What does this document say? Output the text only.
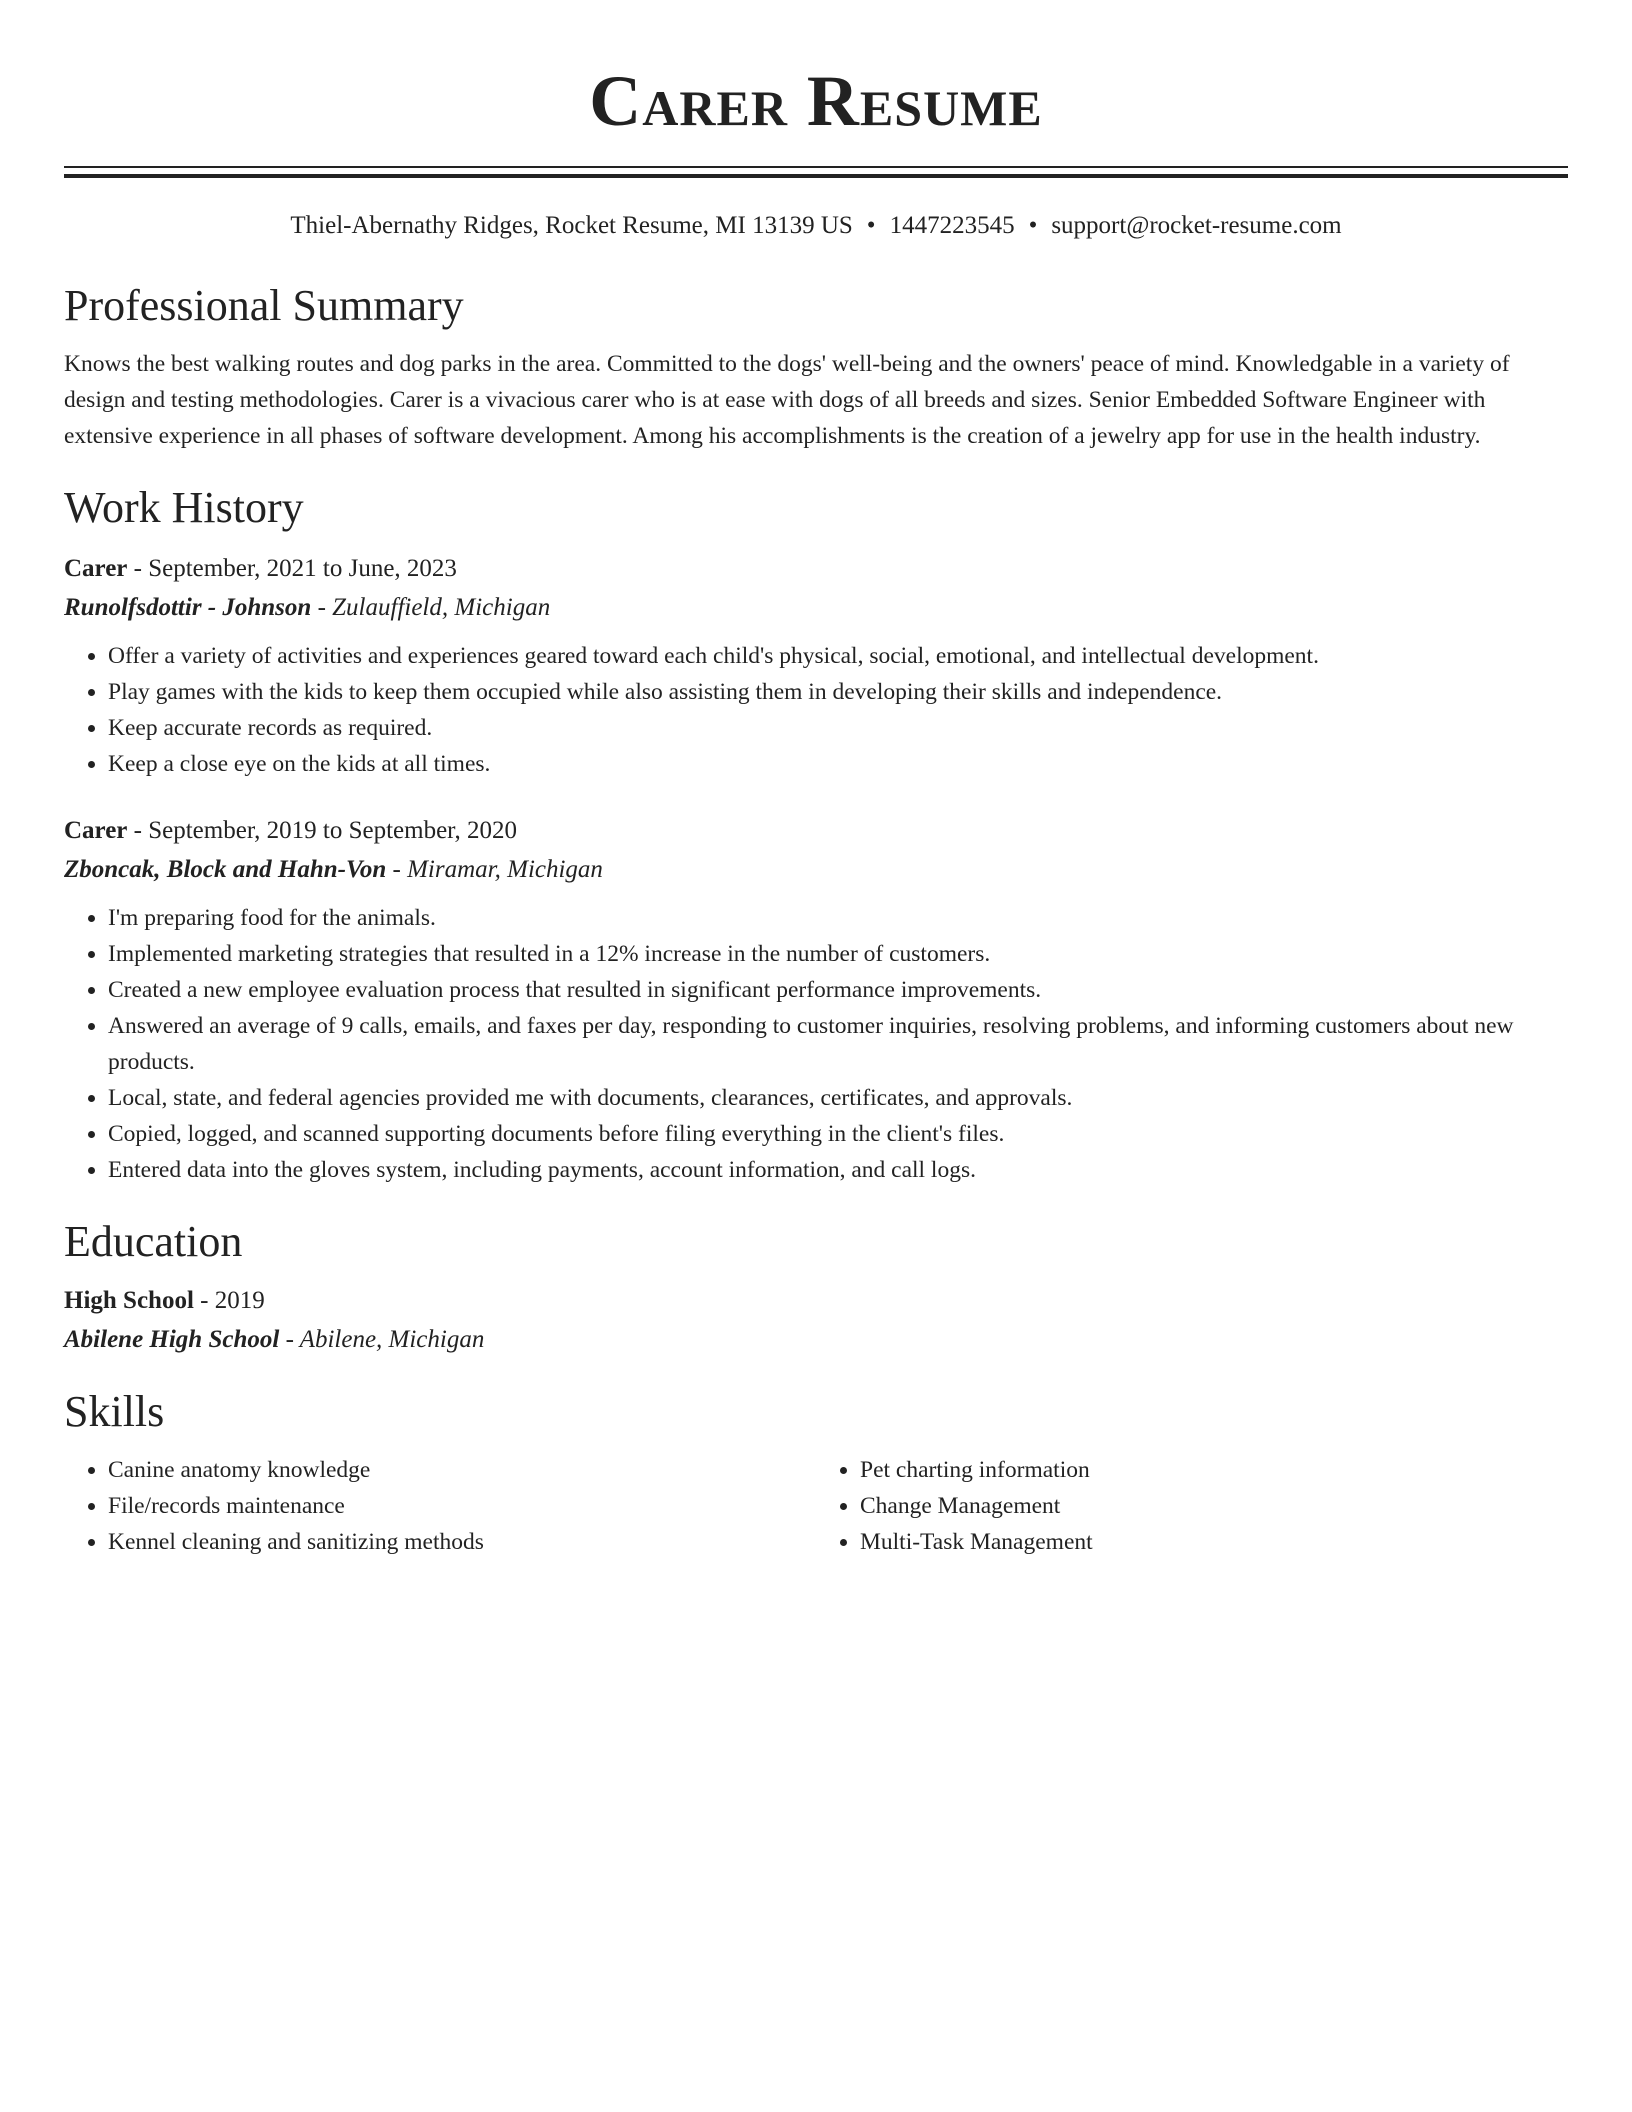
Carer Resume
Thiel-Abernathy Ridges, Rocket Resume, MI 13139 US • 1447223545 • support@rocket-resume.com
Professional Summary

Knows the best walking routes and dog parks in the area. Committed to the dogs' well-being and the owners' peace of mind. Knowledgable in a variety of design and testing methodologies. Carer is a vivacious carer who is at ease with dogs of all breeds and sizes. Senior Embedded Software Engineer with extensive experience in all phases of software development. Among his accomplishments is the creation of a jewelry app for use in the health industry.

Work History
Carer - September, 2021 to June, 2023
Runolfsdottir - Johnson - Zulauffield, Michigan
• Offer a variety of activities and experiences geared toward each child's physical, social, emotional, and intellectual development.
• Play games with the kids to keep them occupied while also assisting them in developing their skills and independence.
• Keep accurate records as required.
• Keep a close eye on the kids at all times.
Carer - September, 2019 to September, 2020
Zboncak, Block and Hahn-Von - Miramar, Michigan
• I'm preparing food for the animals.
• Implemented marketing strategies that resulted in a 12% increase in the number of customers.
• Created a new employee evaluation process that resulted in significant performance improvements.
• Answered an average of 9 calls, emails, and faxes per day, responding to customer inquiries, resolving problems, and informing customers about new products.
• Local, state, and federal agencies provided me with documents, clearances, certificates, and approvals.
• Copied, logged, and scanned supporting documents before filing everything in the client's files.
• Entered data into the gloves system, including payments, account information, and call logs.
Education
High School - 2019
Abilene High School - Abilene, Michigan
Skills
• Canine anatomy knowledge
• File/records maintenance
• Kennel cleaning and sanitizing methods
• Pet charting information
• Change Management
• Multi-Task Management
